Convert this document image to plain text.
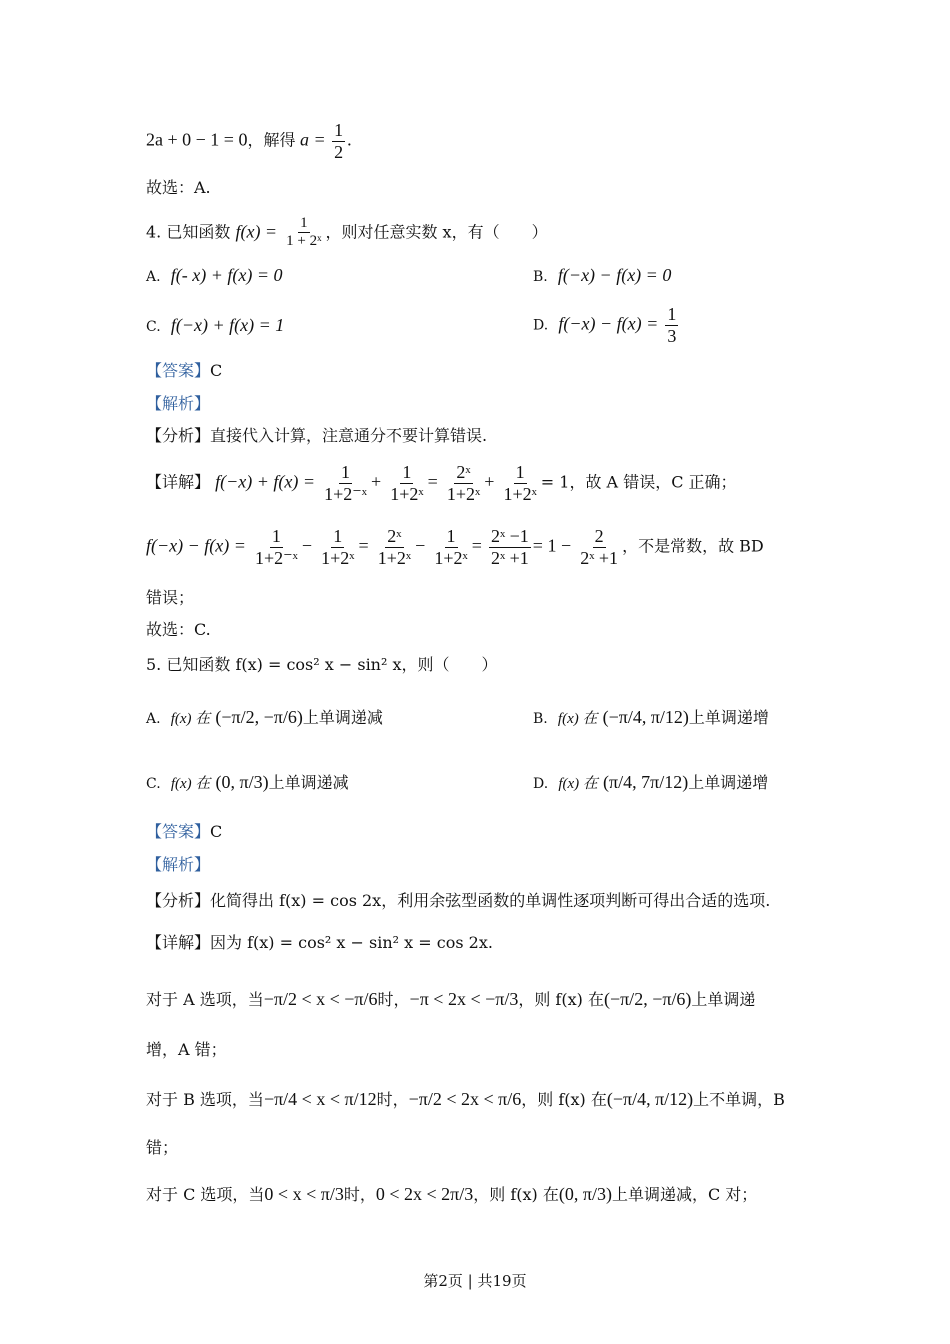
2a + 0 − 1 = 0，解得 $a = \frac{1}{2}$ .
故选：A.
4. 已知函数 $f(x) = \frac{1}{\text{1 + 2ˣ}}$ ，则对任意实数 x，有（　　）
A. f(- x) + f(x) = 0	B. f(−x) − f(x) = 0
C. f(−x) + f(x) = 1	D. $f(-x) - f(x) = \frac{1}{3}$
【答案】C
【解析】
【分析】直接代入计算，注意通分不要计算错误.
【详解】 $f(-x) + f(x) = \frac{1}{\text{1+2⁻ˣ}} + \frac{1}{\text{1+2ˣ}} = \frac{\text{2ˣ}}{\text{1+2ˣ}} + \frac{1}{\text{1+2ˣ}} = 1$，故 A 错误，C 正确；
$f(-x) - f(x) = \frac{1}{\text{1+2⁻ˣ}} - \frac{1}{\text{1+2ˣ}} = \frac{\text{2ˣ}}{\text{1+2ˣ}} - \frac{1}{\text{1+2ˣ}} = \frac{\text{2ˣ −1}}{\text{2ˣ +1}} = 1 - \frac{2}{\text{2ˣ +1}}$ ，不是常数，故 BD
错误；
故选：C.
5. 已知函数 f(x) = cos² x − sin² x，则（　　）
A. f(x) 在 (−π/2, −π/6)上单调递减	B. f(x) 在 (−π/4, π/12)上单调递增
C. f(x) 在 (0, π/3)上单调递减	D. f(x) 在 (π/4, 7π/12)上单调递增
【答案】C
【解析】
【分析】化简得出 f(x) = cos 2x，利用余弦型函数的单调性逐项判断可得出合适的选项.
【详解】因为 f(x) = cos² x − sin² x = cos 2x.
对于 A 选项，当−π/2 < x < −π/6时，−π < 2x < −π/3，则 f(x) 在(−π/2, −π/6)上单调递
增，A 错；
对于 B 选项，当−π/4 < x < π/12时，−π/2 < 2x < π/6，则 f(x) 在(−π/4, π/12)上不单调，B
错；
对于 C 选项，当0 < x < π/3时，0 < 2x < 2π/3，则 f(x) 在(0, π/3)上单调递减，C 对；
第2页 | 共19页
